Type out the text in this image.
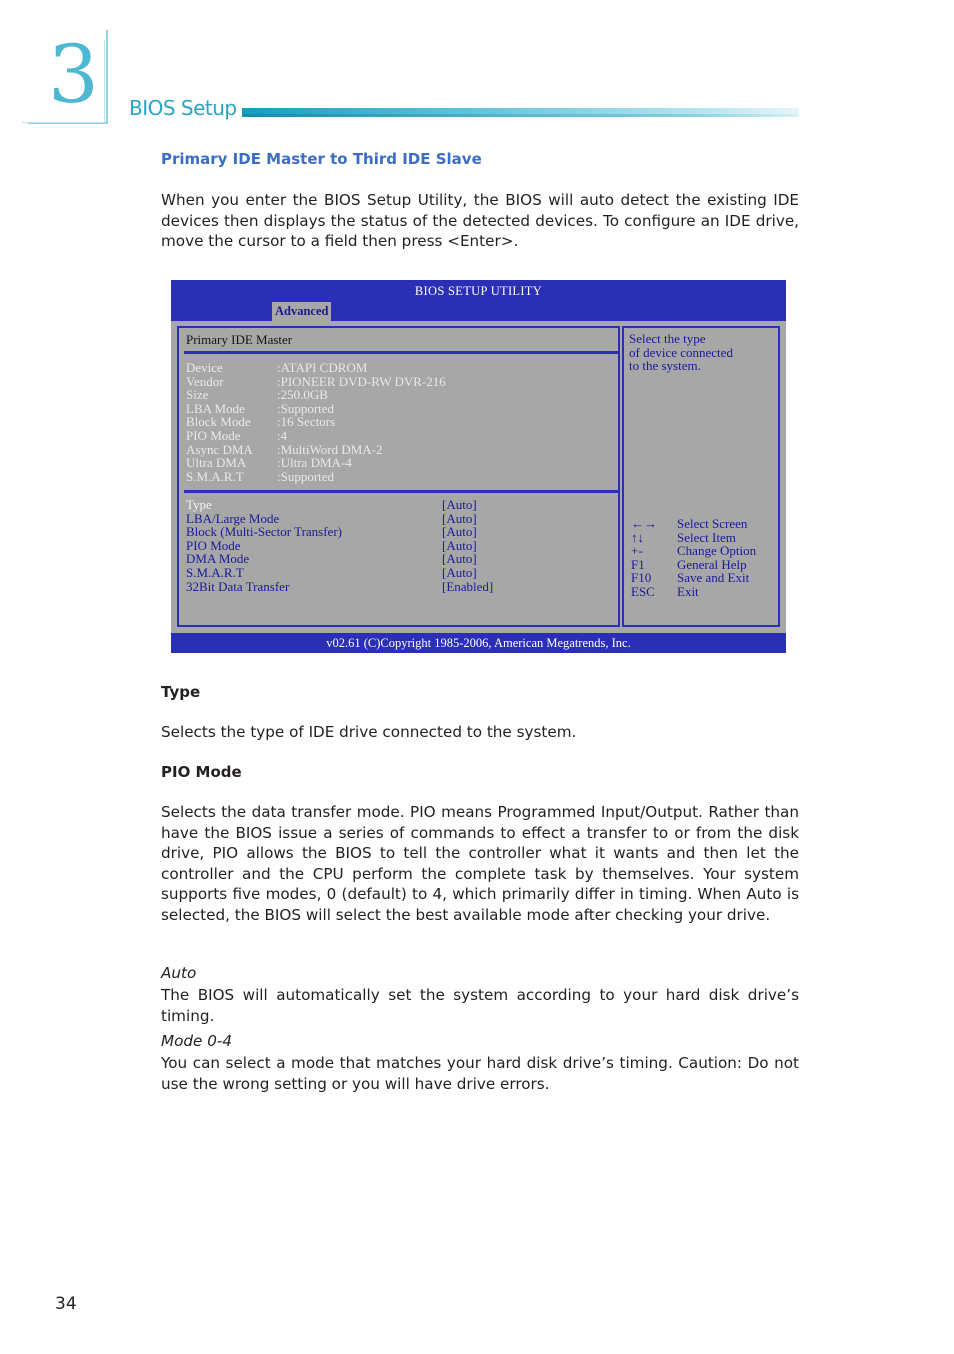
3 BIOS Setup
Primary IDE Master to Third IDE Slave

When you enter the BIOS Setup Utility, the BIOS will auto detect the existing IDE devices then displays the status of the detected devices. To configure an IDE drive, move the cursor to a field then press <Enter>.

BIOS SETUP UTILITY
Advanced
Primary IDE Master
Device	:ATAPI CDROM
Vendor	:PIONEER DVD-RW DVR-216
Size	:250.0GB
LBA Mode :Supported
Block Mode :16 Sectors
PIO Mode	:4
Async DMA :MultiWord DMA-2
Ultra DMA :Ultra DMA-4
S.M.A.R.T	:Supported
Type	[Auto]
LBA/Large Mode	[Auto]
Block (Multi-Sector Transfer)	[Auto]
PIO Mode	[Auto]
DMA Mode	[Auto]
S.M.A.R.T	[Auto]
32Bit Data Transfer	[Enabled]
Select the type
of device connected
to the system.
←→ Select Screen
↑↓	Select Item
+-	Change Option
F1 General Help
F10 Save and Exit
ESC Exit
v02.61 (C)Copyright 1985-2006, American Megatrends, Inc.
Type

Selects the type of IDE drive connected to the system.

PIO Mode

Selects the data transfer mode. PIO means Programmed Input/Output. Rather than have the BIOS issue a series of commands to effect a transfer to or from the disk drive, PIO allows the BIOS to tell the controller what it wants and then let the controller and the CPU perform the complete task by themselves. Your system supports five modes, 0 (default) to 4, which primarily differ in timing. When Auto is selected, the BIOS will select the best available mode after checking your drive.

Auto

The BIOS will automatically set the system according to your hard disk drive’s timing.

Mode 0-4

You can select a mode that matches your hard disk drive’s timing. Caution: Do not use the wrong setting or you will have drive errors.

34
